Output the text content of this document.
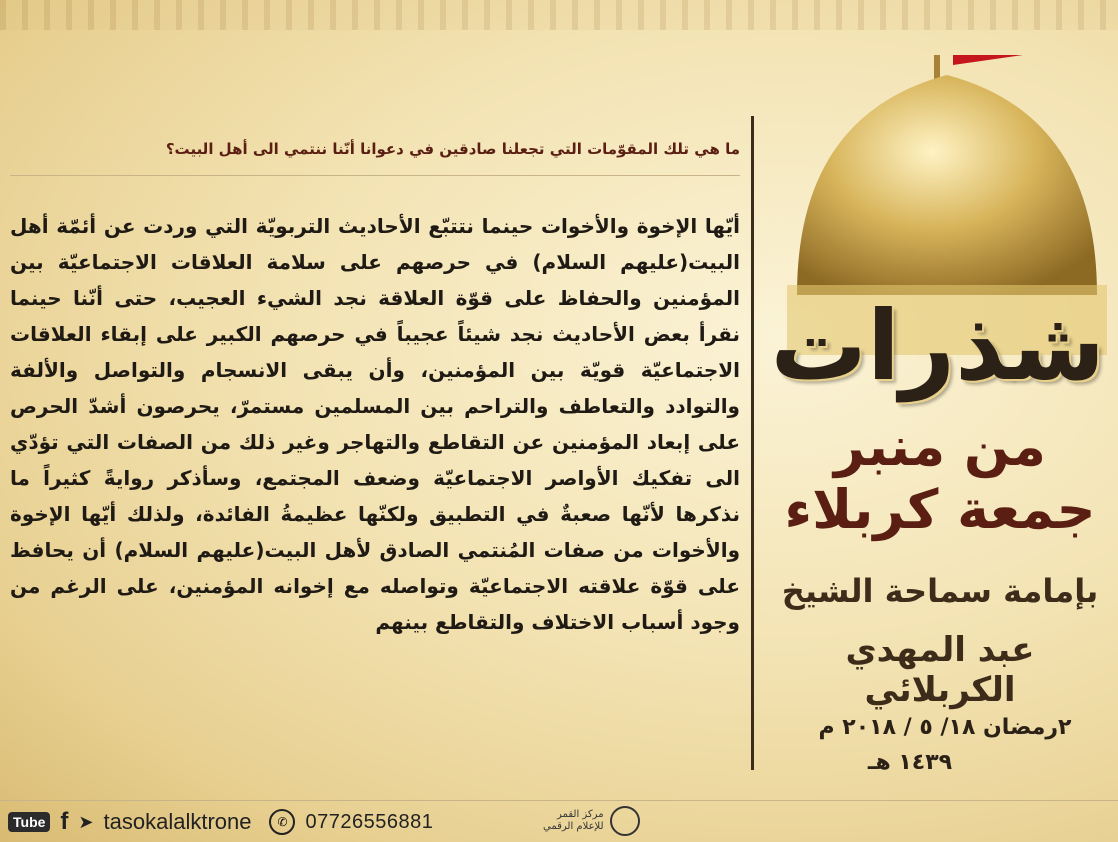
ما هي تلك المقوّمات التي تجعلنا صادقين في دعوانا أنّنا ننتمي الى أهل البيت؟
أيّها الإخوة والأخوات حينما نتتبّع الأحاديث التربويّة التي وردت عن أئمّة أهل البيت(عليهم السلام) في حرصهم على سلامة العلاقات الاجتماعيّة بين المؤمنين والحفاظ على قوّة العلاقة نجد الشيء العجيب، حتى أنّنا حينما نقرأ بعض الأحاديث نجد شيئاً عجيباً في حرصهم الكبير على إبقاء العلاقات الاجتماعيّة قويّة بين المؤمنين، وأن يبقى الانسجام والتواصل والألفة والتوادد والتعاطف والتراحم بين المسلمين مستمرّ، يحرصون أشدّ الحرص على إبعاد المؤمنين عن التقاطع والتهاجر وغير ذلك من الصفات التي تؤدّي الى تفكيك الأواصر الاجتماعيّة وضعف المجتمع، وسأذكر روايةً كثيراً ما نذكرها لأنّها صعبةٌ في التطبيق ولكنّها عظيمةُ الفائدة، ولذلك أيّها الإخوة والأخوات من صفات المُنتمي الصادق لأهل البيت(عليهم السلام) أن يحافظ على قوّة علاقته الاجتماعيّة وتواصله مع إخوانه المؤمنين، على الرغم من وجود أسباب الاختلاف والتقاطع بينهم
شذرات
من منبر
جمعة كربلاء
بإمامة سماحة الشيخ
عبد المهدي الكربلائي
٢رمضان ١٨/ ٥ / ٢٠١٨ م
١٤٣٩ هـ
Tube f ➤ tasokalalktrone	✆ 07726556881	مركز القمر
للإعلام الرقمي
